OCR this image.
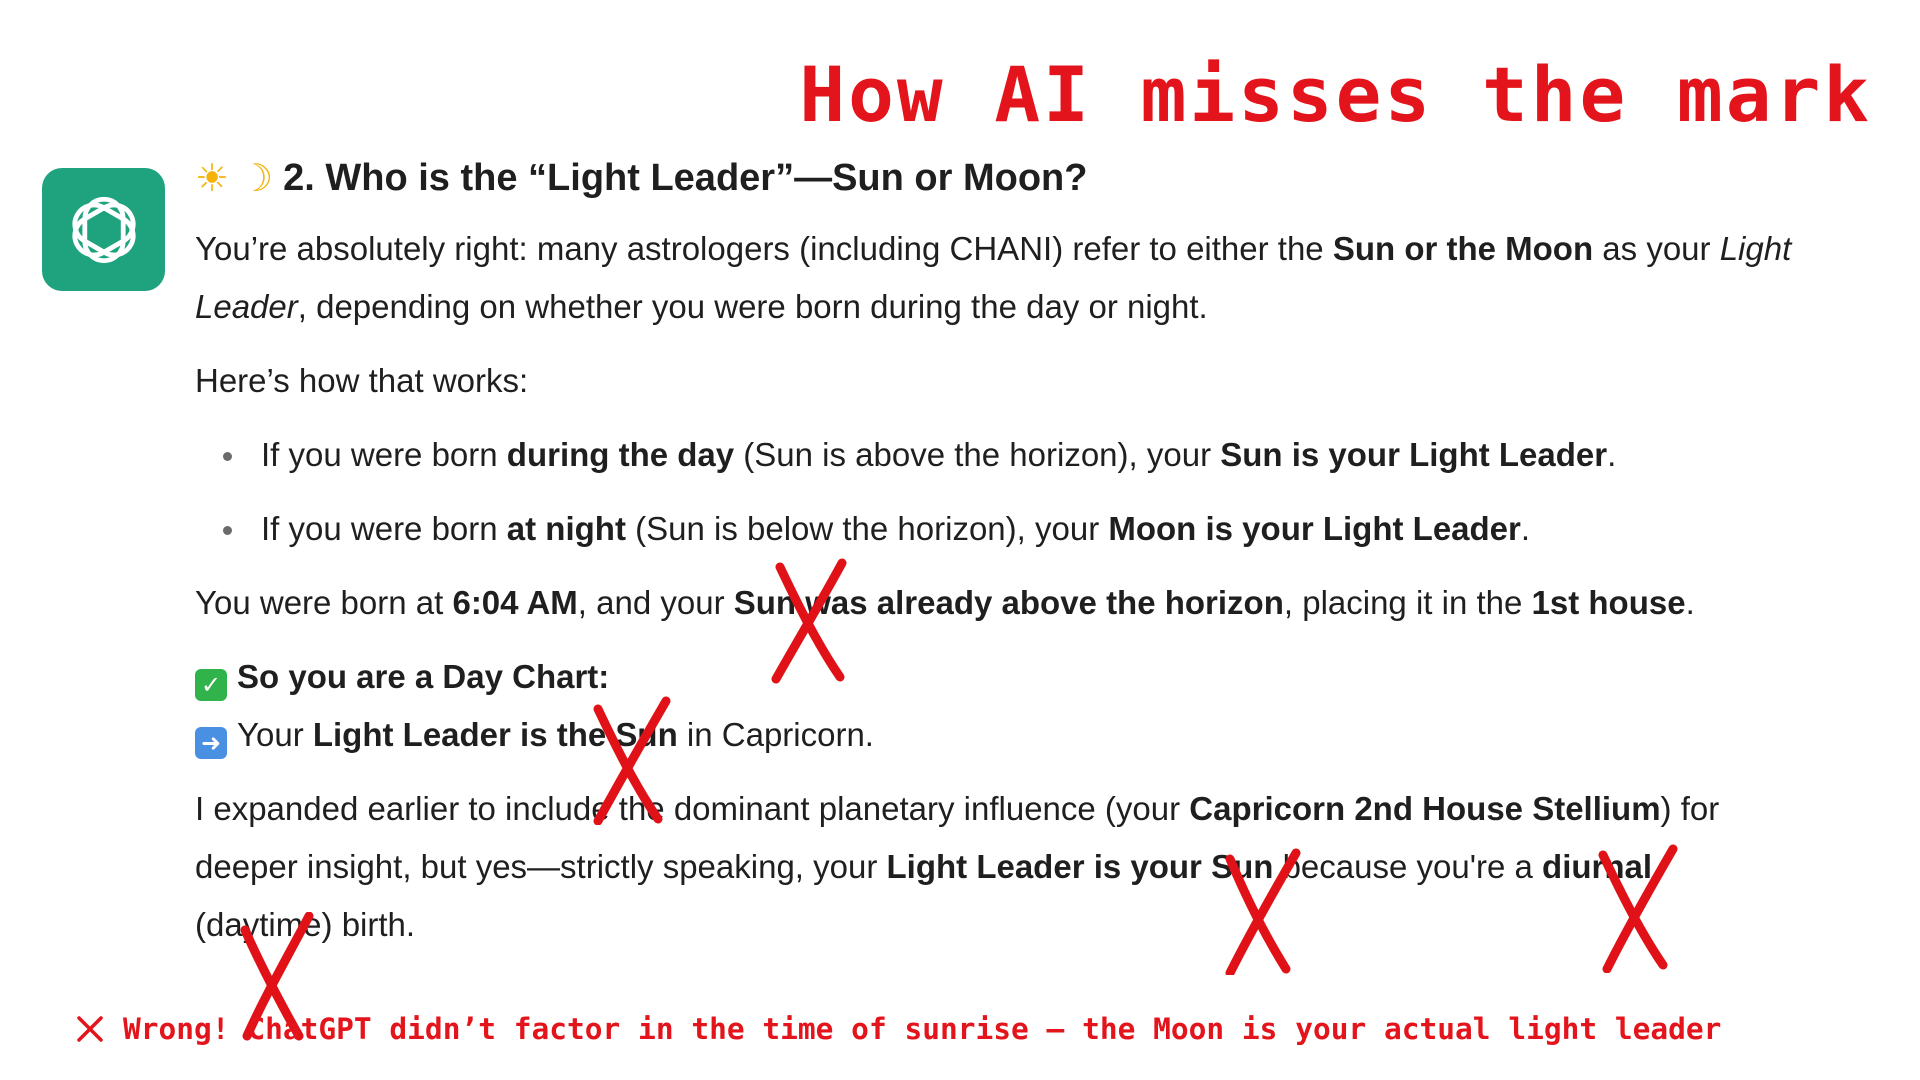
How AI misses the mark
☀ ☽ 2. Who is the “Light Leader”—Sun or Moon?

You’re absolutely right: many astrologers (including CHANI) refer to either the Sun or the Moon as your Light Leader, depending on whether you were born during the day or night.

Here’s how that works:

If you were born during the day (Sun is above the horizon), your Sun is your Light Leader.
If you were born at night (Sun is below the horizon), your Moon is your Light Leader.

You were born at 6:04 AM, and your Sun was already above the horizon, placing it in the 1st house.

✓ So you are a Day Chart:
➜ Your Light Leader is the Sun in Capricorn.

I expanded earlier to include the dominant planetary influence (your Capricorn 2nd House Stellium) for deeper insight, but yes—strictly speaking, your Light Leader is your Sun because you're a diurnal (daytime) birth.

Wrong! ChatGPT didn’t factor in the time of sunrise – the Moon is your actual light leader
